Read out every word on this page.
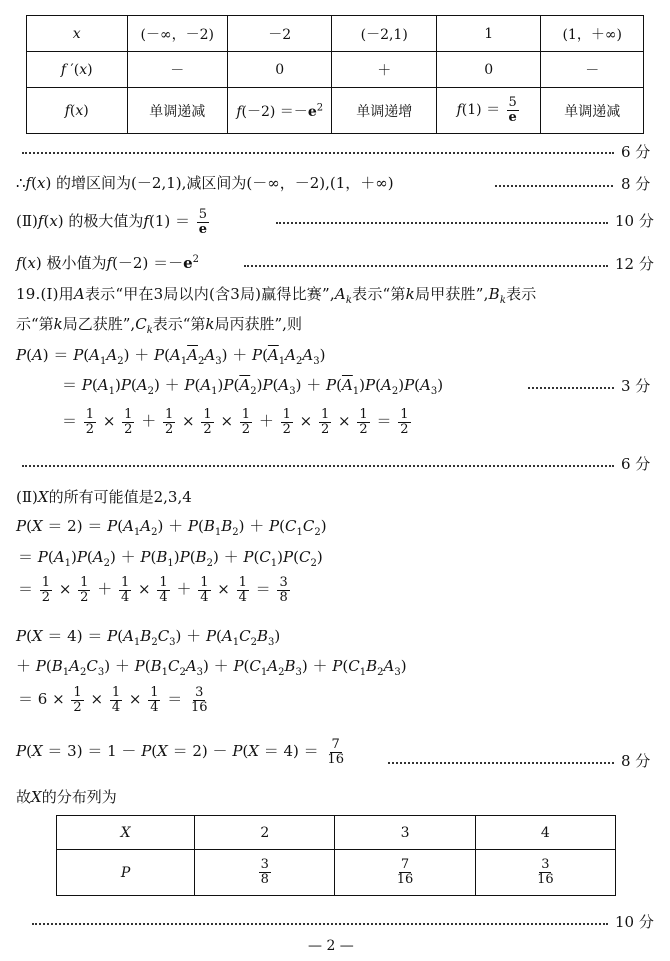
x	(－∞，－2)	－2	(－2,1)	1	(1，＋∞)
f ′(x)	－	0	＋	0	－
f(x)	单调递减	$f(-2) =-e^2$	单调递增	$f(1) = \frac{5}{e}$	单调递减
6 分
∴f(x) 的增区间为(－2,1),减区间为(－∞，－2),(1，＋∞)	8 分
(Ⅱ)f(x) 的极大值为$f(1) = \frac{5}{e}$	10 分
f(x) 极小值为$f(-2) =-e^2$	12 分
19.(Ⅰ)用A表示“甲在3局以内(含3局)赢得比赛$”,A_k$表示“第k局甲获胜$”,B_k$表示
示“第k局乙获胜$”,C_k$表示“第k局丙获胜”,则
$P(A) = P(A_1A_2) + P(A_1\overline{A}_2A_3) + P(\overline{A}_1A_2A_3)$
＝ $P(A_1)P(A_2) + P(A_1)P(\overline{A}_2)P(A_3) + P(\overline{A}_1)P(A_2)P(A_3)$	3 分
＝ $\frac{1}{2} \times \frac{1}{2} + \frac{1}{2} \times \frac{1}{2} \times \frac{1}{2} + \frac{1}{2} \times \frac{1}{2} \times \frac{1}{2} = \frac{1}{2}$
6 分
(Ⅱ)X的所有可能值是2,3,4
$P(X = 2) = P(A_1A_2) + P(B_1B_2) + P(C_1C_2)$
＝ $P(A_1)P(A_2) + P(B_1)P(B_2) + P(C_1)P(C_2)$
＝ $\frac{1}{2} \times \frac{1}{2} + \frac{1}{4} \times \frac{1}{4} + \frac{1}{4} \times \frac{1}{4} = \frac{3}{8}$
$P(X = 4) = P(A_1B_2C_3) + P(A_1C_2B_3)$
＋ $P(B_1A_2C_3) + P(B_1C_2A_3) + P(C_1A_2B_3) + P(C_1B_2A_3)$
＝ $6 \times \frac{1}{2} \times \frac{1}{4} \times \frac{1}{4} = \frac{3}{16}$
$P(X = 3) = 1 - P(X = 2) - P(X = 4) = \frac{7}{16}$	8 分
故X的分布列为
X	2	3	4
P	$\frac{3}{8}$	$\frac{7}{16}$	$\frac{3}{16}$
10 分
— 2 —
